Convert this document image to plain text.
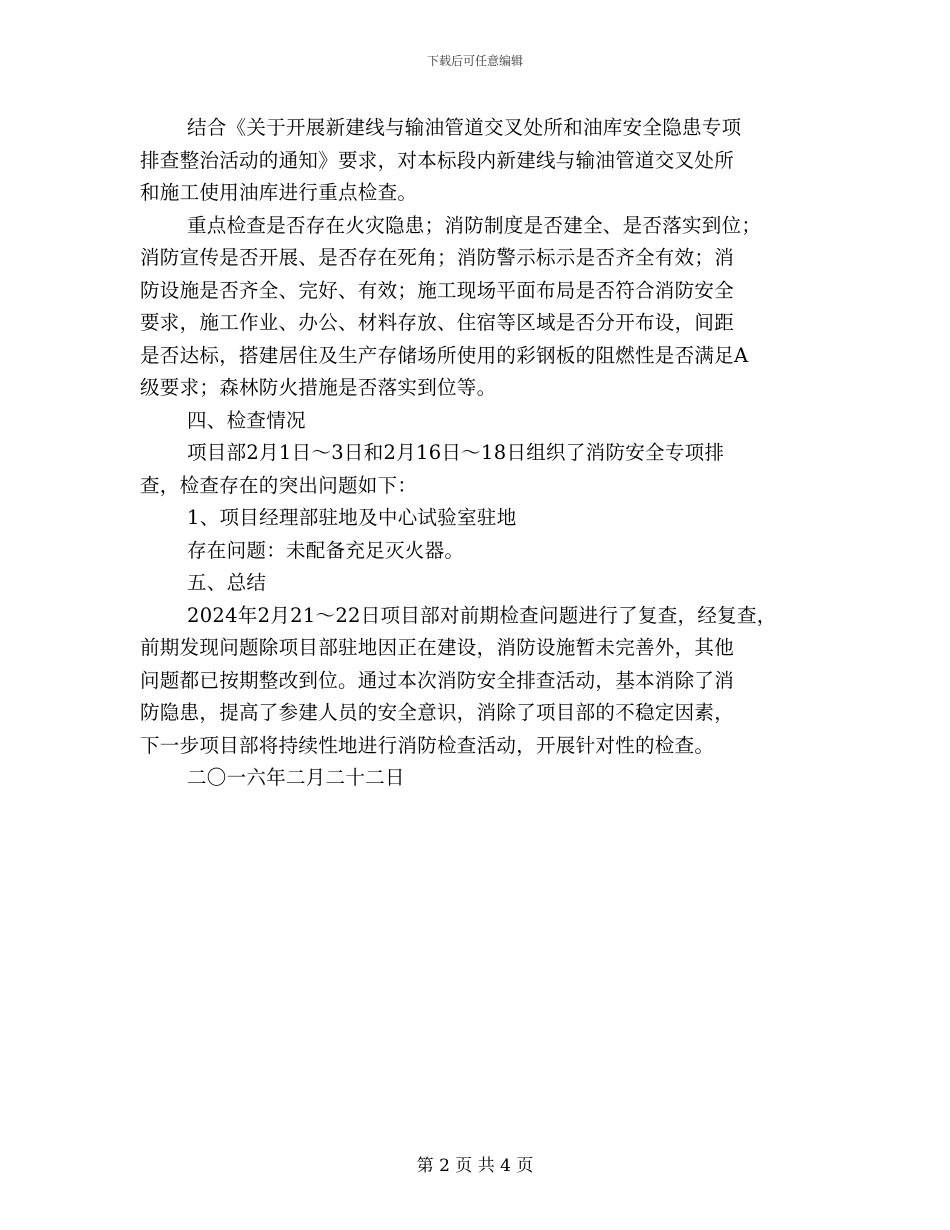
下载后可任意编辑
结合《关于开展新建线与输油管道交叉处所和油库安全隐患专项
排查整治活动的通知》要求，对本标段内新建线与输油管道交叉处所
和施工使用油库进行重点检查。
重点检查是否存在火灾隐患；消防制度是否建全、是否落实到位；
消防宣传是否开展、是否存在死角；消防警示标示是否齐全有效；消
防设施是否齐全、完好、有效；施工现场平面布局是否符合消防安全
要求，施工作业、办公、材料存放、住宿等区域是否分开布设，间距
是否达标，搭建居住及生产存储场所使用的彩钢板的阻燃性是否满足A
级要求；森林防火措施是否落实到位等。
四、检查情况
项目部2月1日～3日和2月16日～18日组织了消防安全专项排
查，检查存在的突出问题如下：
1、项目经理部驻地及中心试验室驻地
存在问题：未配备充足灭火器。
五、总结
2024年2月21～22日项目部对前期检查问题进行了复查，经复查，
前期发现问题除项目部驻地因正在建设，消防设施暂未完善外，其他
问题都已按期整改到位。通过本次消防安全排查活动，基本消除了消
防隐患，提高了参建人员的安全意识，消除了项目部的不稳定因素，
下一步项目部将持续性地进行消防检查活动，开展针对性的检查。
二〇一六年二月二十二日
第 2 页 共 4 页
